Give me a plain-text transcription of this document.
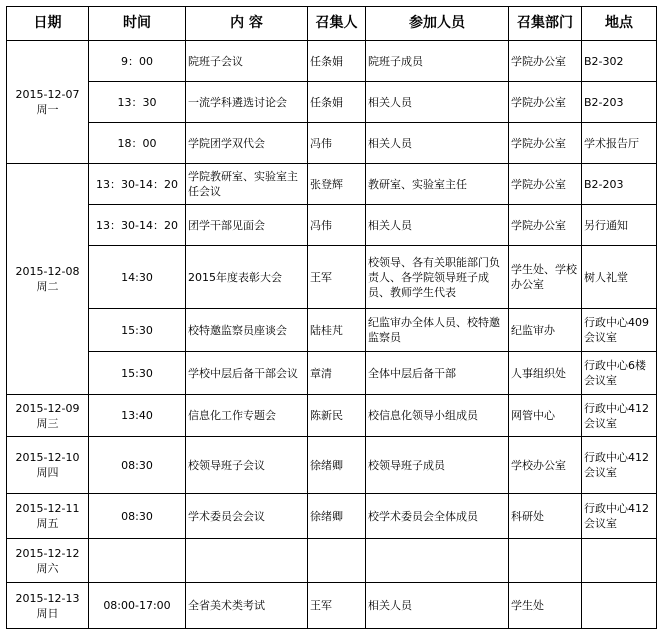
日期	时间	内 容	召集人	参加人员	召集部门	地点

2015-12-07
周一	9：00	院班子会议	任条娟	院班子成员	学院办公室	B2-302
	13：30	一流学科遴选讨论会	任条娟	相关人员	学院办公室	B2-203
	18：00	学院团学双代会	冯伟	相关人员	学院办公室	学术报告厅

2015-12-08
周二	13：30-14：20	学院教研室、实验室主任会议	张登辉	教研室、实验室主任	学院办公室	B2-203
	13：30-14：20	团学干部见面会	冯伟	相关人员	学院办公室	另行通知
	14:30	2015年度表彰大会	王军	校领导、各有关职能部门负责人、各学院领导班子成员、教师学生代表	学生处、学校办公室	树人礼堂
	15:30	校特邀监察员座谈会	陆桂芃	纪监审办全体人员、校特邀监察员	纪监审办	行政中心409会议室
	15:30	学校中层后备干部会议	章清	全体中层后备干部	人事组织处	行政中心6楼会议室

2015-12-09
周三	13:40	信息化工作专题会	陈新民	校信息化领导小组成员	网管中心	行政中心412会议室

2015-12-10
周四	08:30	校领导班子会议	徐绪卿	校领导班子成员	学校办公室	行政中心412会议室

2015-12-11
周五	08:30	学术委员会会议	徐绪卿	校学术委员会全体成员	科研处	行政中心412会议室

2015-12-12
周六						

2015-12-13
周日	08:00-17:00	全省美术类考试	王军	相关人员	学生处	
